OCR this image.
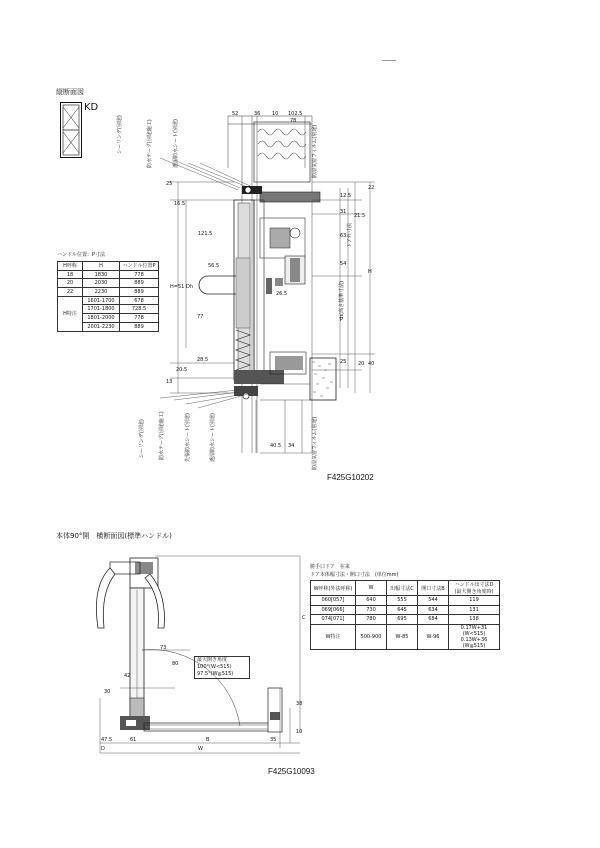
縦断面図
KD
シーリング(別途)	防水テープ(別途施工)	透湿防水シート(別途)
シーリング(別途)	防水テープ(別途施工)	先張防水シート(別途)	透湿防水シート(別途)
防湿気密フィルム(別途)
h(高さ基準寸法)
ドア外寸法
防湿気密フィルム(別途)
52	36 10 102.5
78
25
16.5
121.5
56.5
H=51 Dh
77
28.5
20.5
13
26.5
22
12.5
31
63
54
P
25 20 40
21.5
H
40.5 34
F425G10202
ハンドル位置：P寸法
H呼称	H	ハンドル位置P
18	1830	778
20	2030	889
22	2230	889
H特注	1601-1700	678
	1701-1800	728.5
	1801-2000	778
	2001-2230	889
本体90°開　横断面図(標準ハンドル)
73
80
42
30
47.5	61	B	35
D	W
38
10
C
最大開き角度
100°(W<515)
97.5°(W≧515)
F425G10093
勝手口ドア　在来
ドア本体幅寸法・開口寸法　(単位mm)
W呼称(外法呼称)	W	出幅寸法C	開口寸法B	ハンドル出寸法D
(最大開き角度時)
060[057]	640	555	544	119
069[066]	730	645	634	131
074[071]	780	695	684	138
W特注	500-900	W-85	W-96	0.17W+31 (W<515)
0.13W+36 (W≧515)
